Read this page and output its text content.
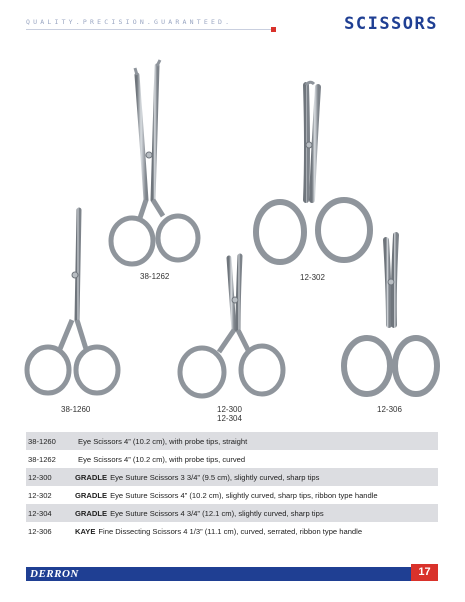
QUALITY.PRECISION.GUARANTEED.	SCISSORS
38-1262	12-302
38-1260	12-300
12-304
12-306
38-1260	Eye Scissors 4” (10.2 cm), with probe tips, straight
38-1262	Eye Scissors 4” (10.2 cm), with probe tips, curved
12-300	GRADLE Eye Suture Scissors 3 3/4” (9.5 cm), slightly curved, sharp tips
12-302	GRADLE Eye Suture Scissors 4” (10.2 cm), slightly curved, sharp tips, ribbon type handle
12-304	GRADLE Eye Suture Scissors 4 3/4” (12.1 cm), slightly curved, sharp tips
12-306	KAYE Fine Dissecting Scissors 4 1/3” (11.1 cm), curved, serrated, ribbon type handle
DERRON	17
